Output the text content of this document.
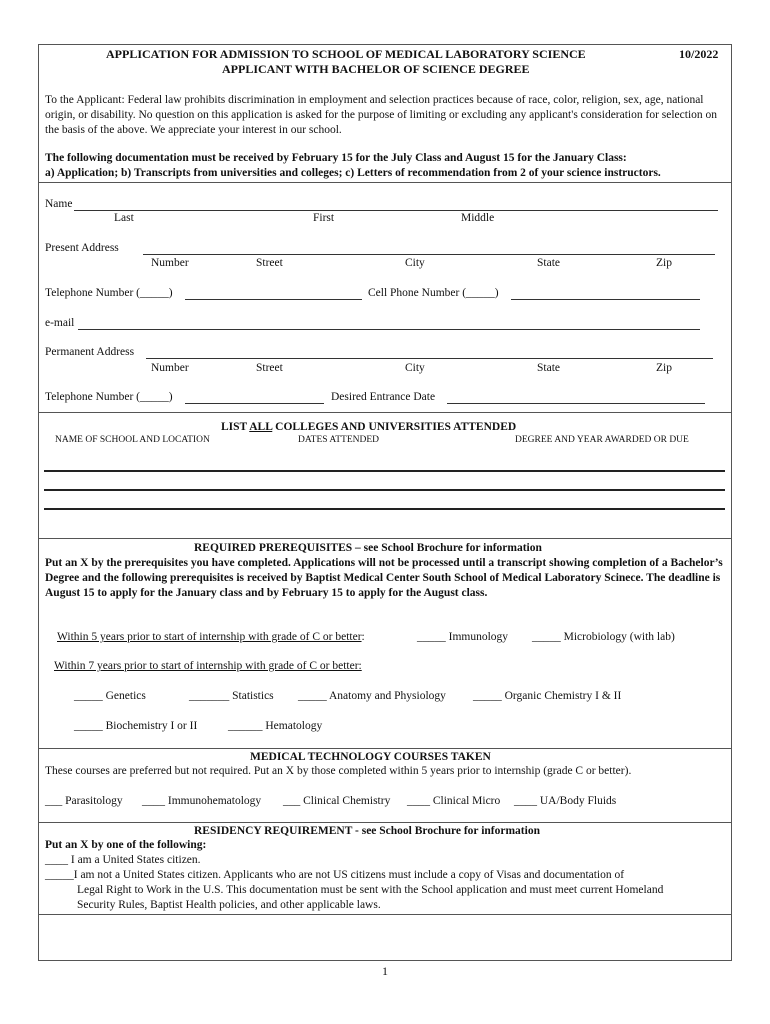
APPLICATION FOR ADMISSION TO SCHOOL OF MEDICAL LABORATORY SCIENCE	10/2022
APPLICANT WITH BACHELOR OF SCIENCE DEGREE
To the Applicant: Federal law prohibits discrimination in employment and selection practices because of race, color, religion, sex, age, national origin, or disability. No question on this application is asked for the purpose of limiting or excluding any applicant's consideration for selection on the basis of the above. We appreciate your interest in our school.
The following documentation must be received by February 15 for the July Class and August 15 for the January Class:
a) Application; b) Transcripts from universities and colleges; c) Letters of recommendation from 2 of your science instructors.
Name
Last	First	Middle
Present Address
Number	Street	City	State	Zip
Telephone Number (_____)	Cell Phone Number (_____)
e-mail
Permanent Address
Number	Street	City	State	Zip
Telephone Number (_____)	Desired Entrance Date
LIST ALL COLLEGES AND UNIVERSITIES ATTENDED
NAME OF SCHOOL AND LOCATION	DATES ATTENDED	DEGREE AND YEAR AWARDED OR DUE
REQUIRED PREREQUISITES – see School Brochure for information
Put an X by the prerequisites you have completed. Applications will not be processed until a transcript showing completion of a Bachelor’s Degree and the following prerequisites is received by Baptist Medical Center South School of Medical Laboratory Scinece. The deadline is August 15 to apply for the January class and by February 15 to apply for the August class.
Within 5 years prior to start of internship with grade of C or better:	_____ Immunology _____ Microbiology (with lab)
Within 7 years prior to start of internship with grade of C or better:
_____ Genetics	_______ Statistics _____ Anatomy and Physiology _____ Organic Chemistry I & II
_____ Biochemistry I or II	______ Hematology
MEDICAL TECHNOLOGY COURSES TAKEN
These courses are preferred but not required. Put an X by those completed within 5 years prior to internship (grade C or better).
___ Parasitology ____ Immunohematology ___ Clinical Chemistry ____ Clinical Micro ____ UA/Body Fluids
RESIDENCY REQUIREMENT - see School Brochure for information
Put an X by one of the following:
____ I am a United States citizen.
_____I am not a United States citizen. Applicants who are not US citizens must include a copy of Visas and documentation of
Legal Right to Work in the U.S. This documentation must be sent with the School application and must meet current Homeland
Security Rules, Baptist Health policies, and other applicable laws.
1
